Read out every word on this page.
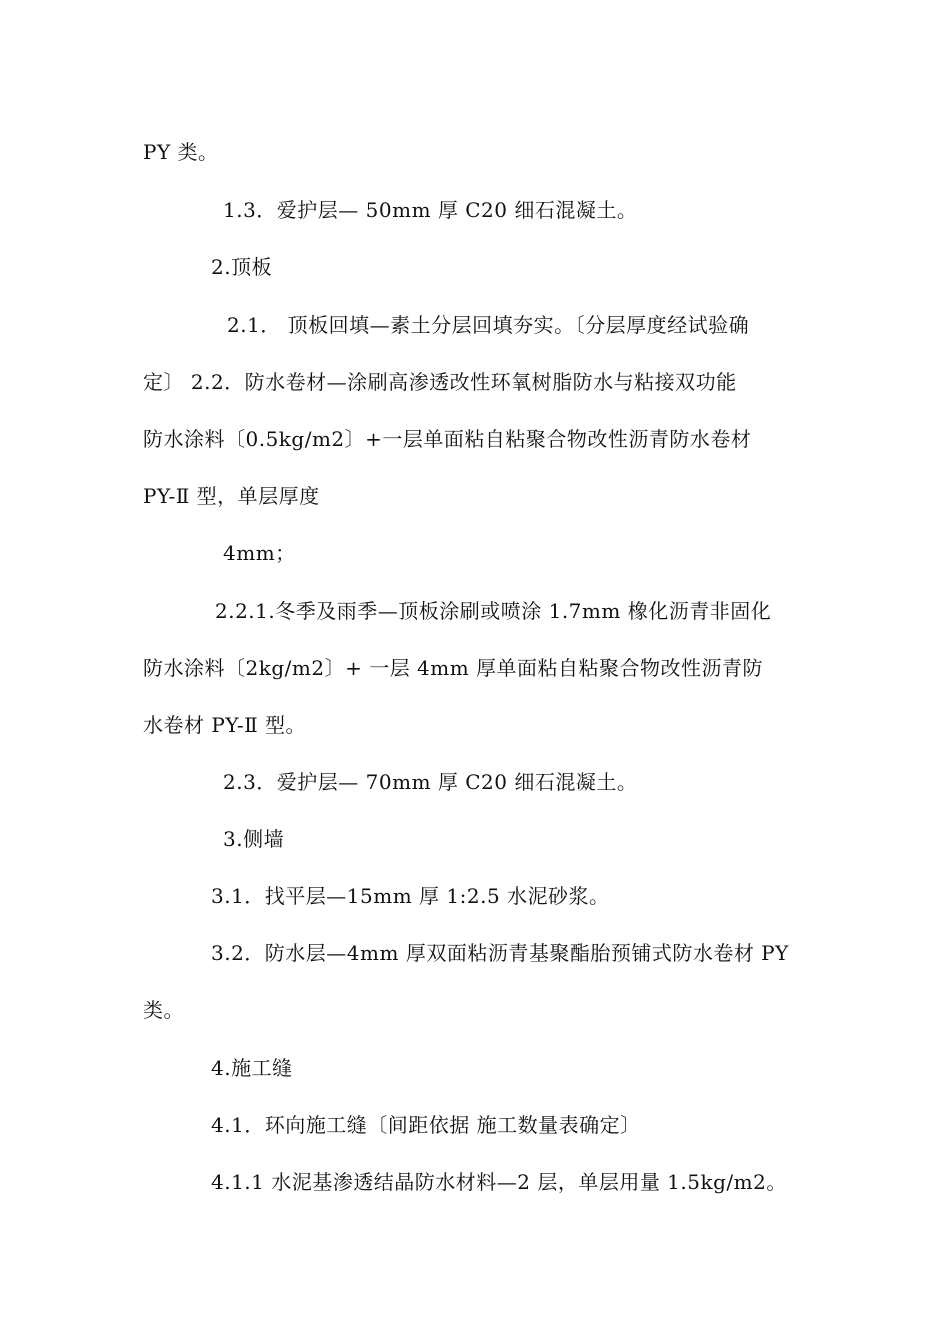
PY 类。

1.3．爱护层— 50mm 厚 C20 细石混凝土。

2.顶板

2.1． 顶板回填—素土分层回填夯实。〔分层厚度经试验确

定〕 2.2．防水卷材—涂刷高渗透改性环氧树脂防水与粘接双功能

防水涂料〔0.5kg/m2〕+一层单面粘自粘聚合物改性沥青防水卷材

PY-Ⅱ 型，单层厚度

4mm；

2.2.1.冬季及雨季—顶板涂刷或喷涂 1.7mm 橡化沥青非固化

防水涂料〔2kg/m2〕+ 一层 4mm 厚单面粘自粘聚合物改性沥青防

水卷材 PY-Ⅱ 型。

2.3．爱护层— 70mm 厚 C20 细石混凝土。

3.侧墙

3.1．找平层—15mm 厚 1:2.5 水泥砂浆。

3.2．防水层—4mm 厚双面粘沥青基聚酯胎预铺式防水卷材 PY

类。

4.施工缝

4.1．环向施工缝〔间距依据 施工数量表确定〕

4.1.1 水泥基渗透结晶防水材料—2 层，单层用量 1.5kg/m2。
